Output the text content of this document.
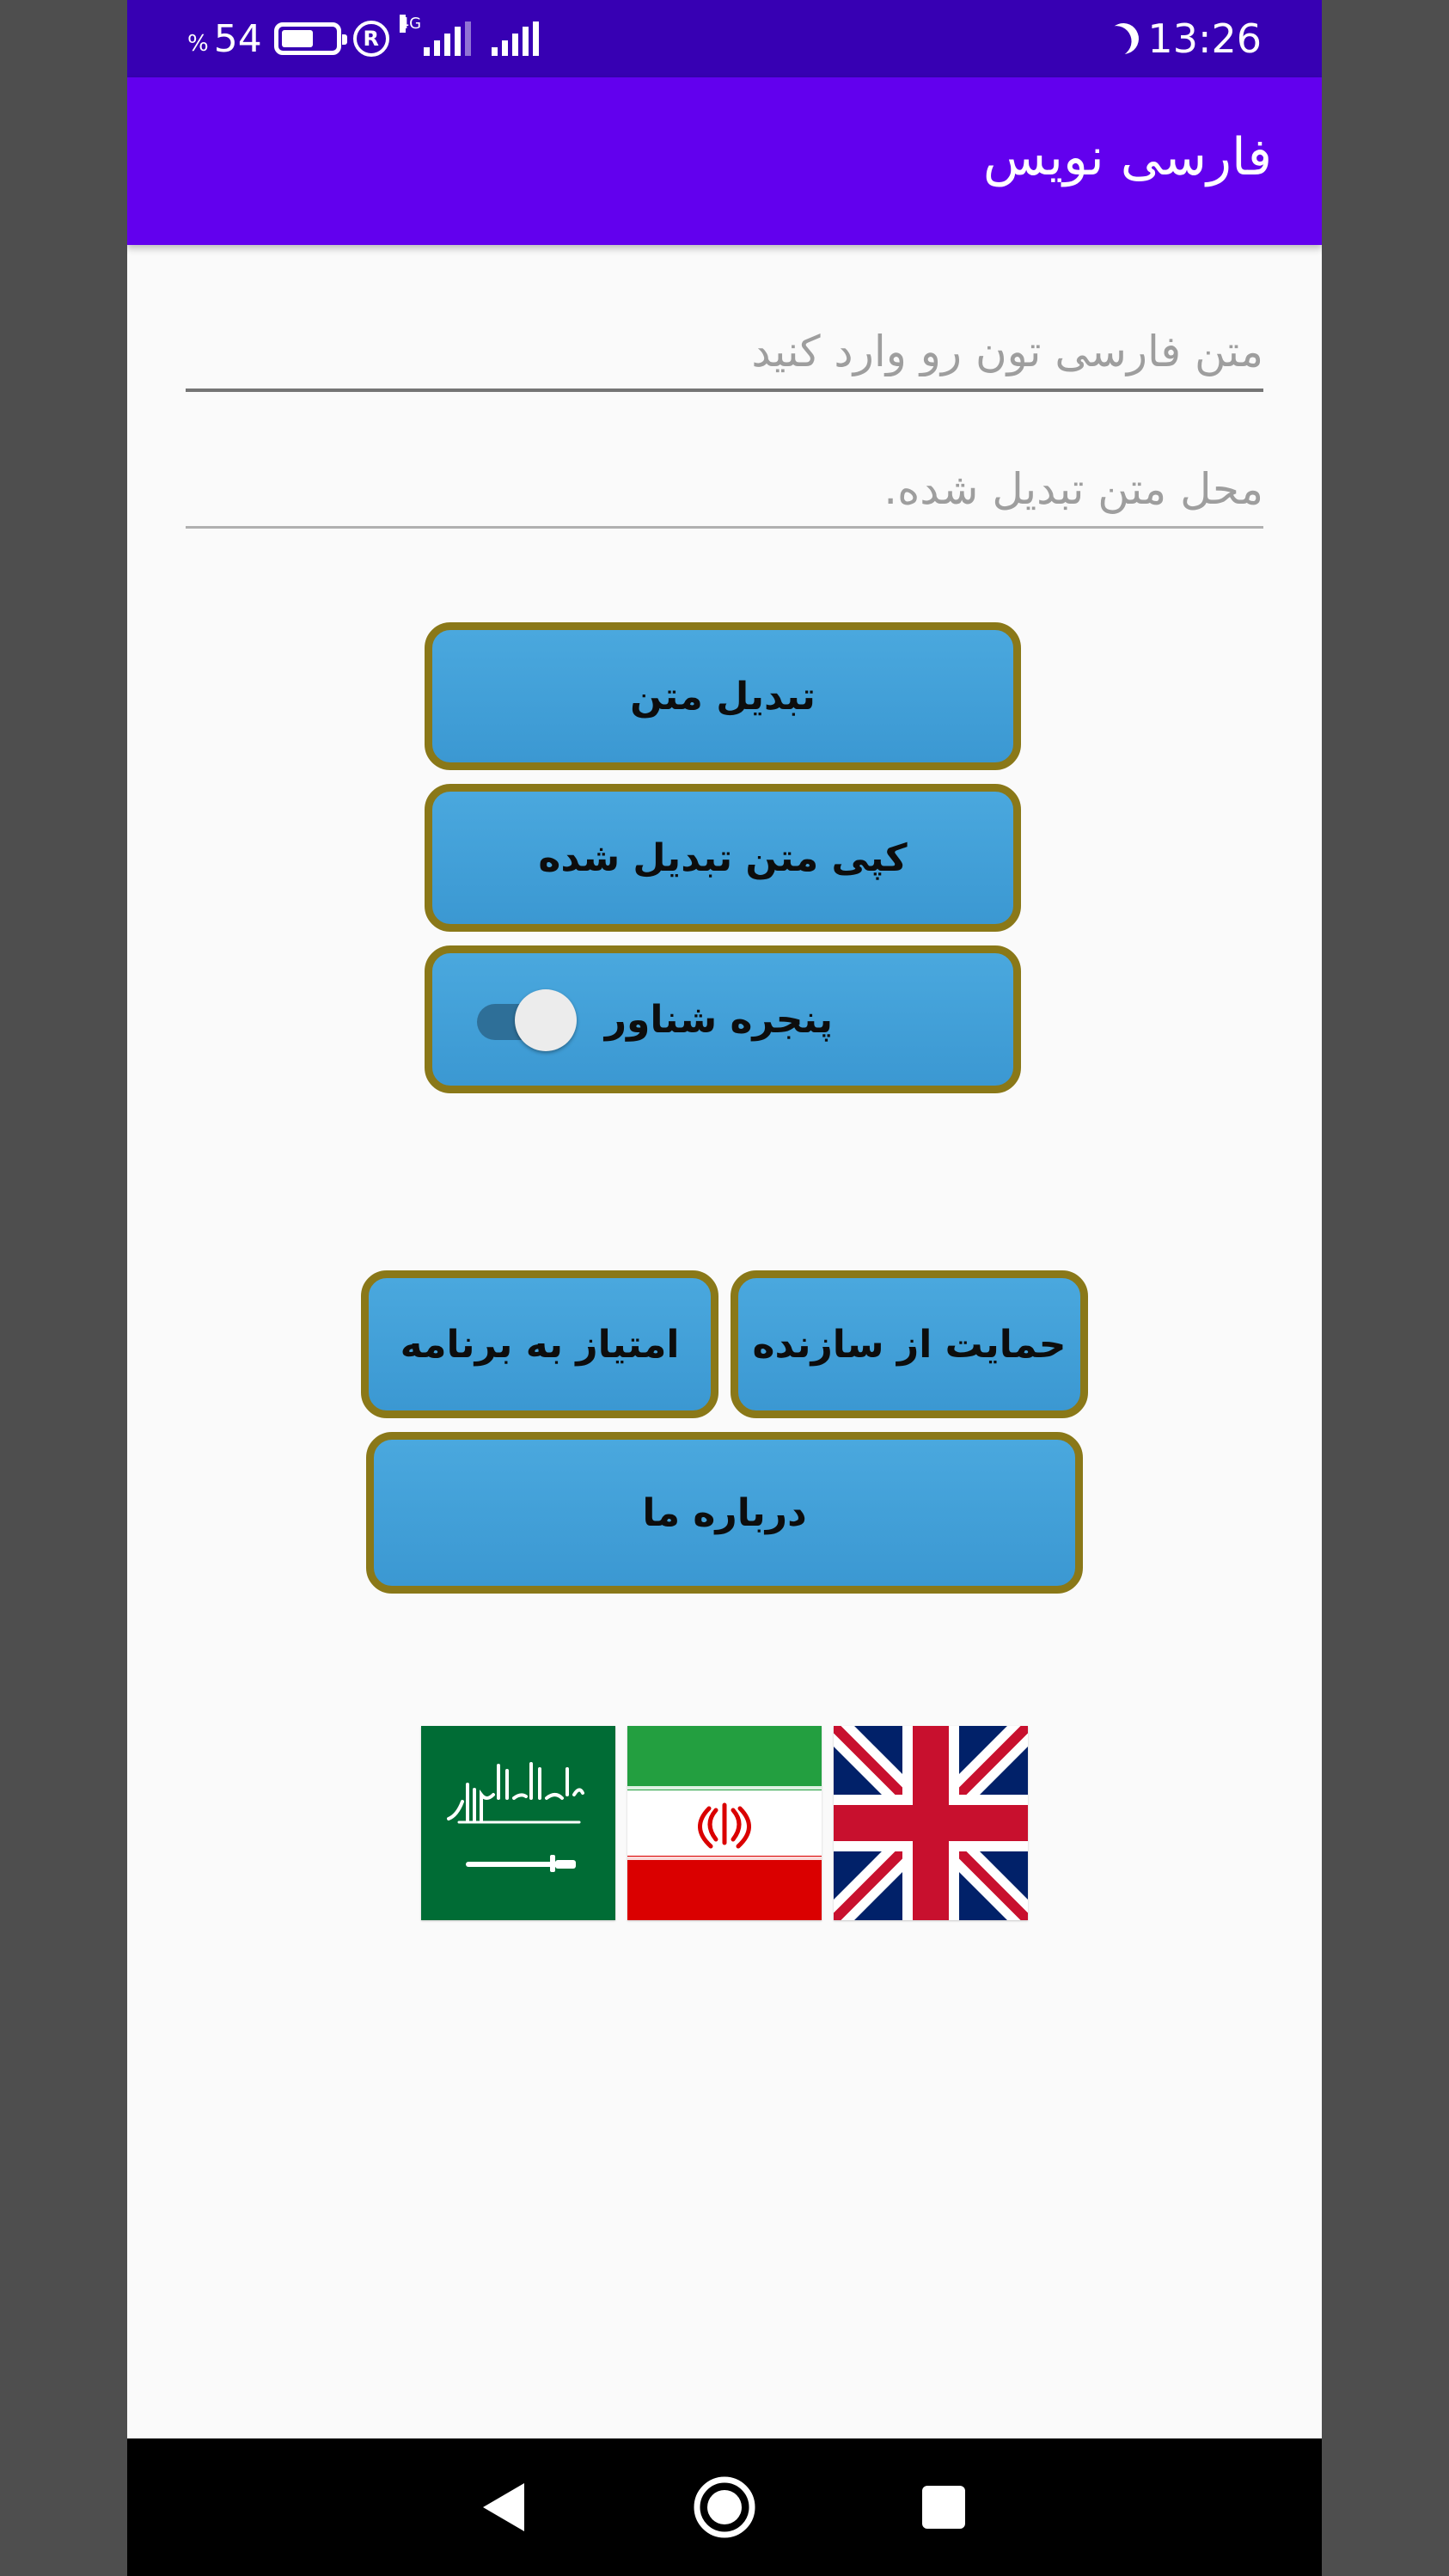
% 54	R
4G	13:26
فارسی نویس
متن فارسی تون رو وارد کنید
محل متن تبدیل شده.
تبدیل متن
کپی متن تبدیل شده
پنجره شناور
حمایت از سازنده
امتیاز به برنامه
درباره ما
